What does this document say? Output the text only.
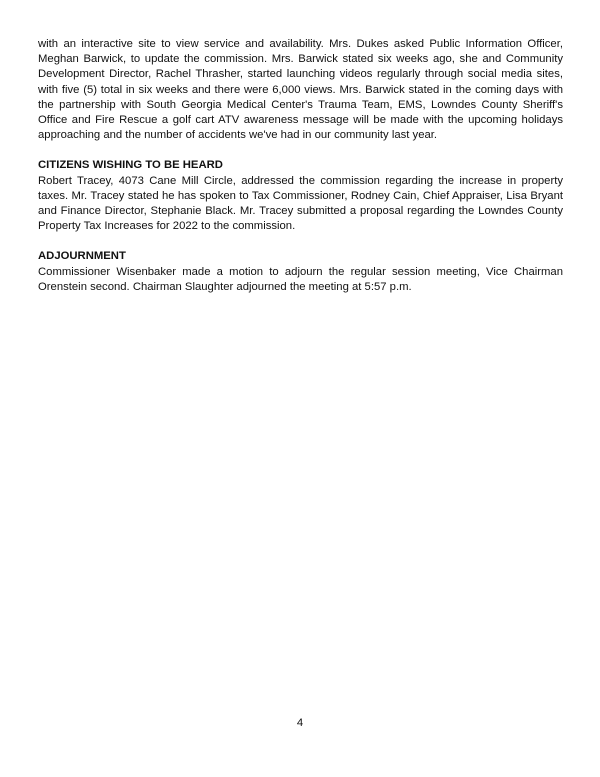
with an interactive site to view service and availability. Mrs. Dukes asked Public Information Officer, Meghan Barwick, to update the commission. Mrs. Barwick stated six weeks ago, she and Community Development Director, Rachel Thrasher, started launching videos regularly through social media sites, with five (5) total in six weeks and there were 6,000 views. Mrs. Barwick stated in the coming days with the partnership with South Georgia Medical Center's Trauma Team, EMS, Lowndes County Sheriff's Office and Fire Rescue a golf cart ATV awareness message will be made with the upcoming holidays approaching and the number of accidents we've had in our community last year.

CITIZENS WISHING TO BE HEARD

Robert Tracey, 4073 Cane Mill Circle, addressed the commission regarding the increase in property taxes. Mr. Tracey stated he has spoken to Tax Commissioner, Rodney Cain, Chief Appraiser, Lisa Bryant and Finance Director, Stephanie Black. Mr. Tracey submitted a proposal regarding the Lowndes County Property Tax Increases for 2022 to the commission.

ADJOURNMENT

Commissioner Wisenbaker made a motion to adjourn the regular session meeting, Vice Chairman Orenstein second. Chairman Slaughter adjourned the meeting at 5:57 p.m.

4
